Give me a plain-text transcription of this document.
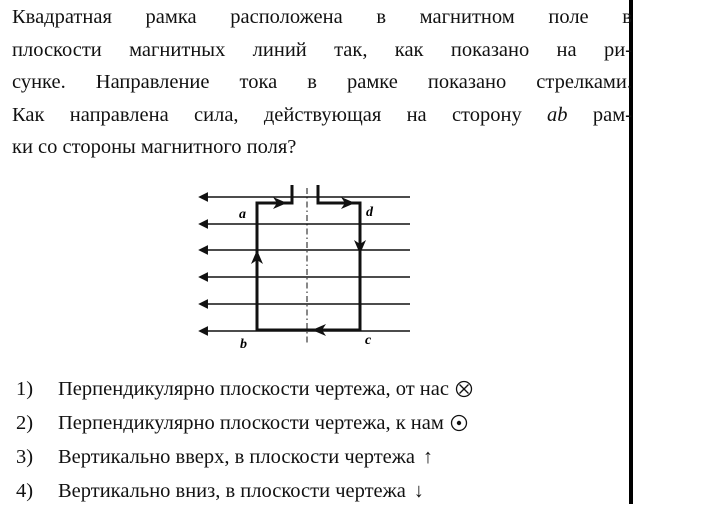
Квадратная рамка расположена в магнитном поле в
плоскости магнитных линий так, как показано на ри-
сунке. Направление тока в рамке показано стрелками.
Как направлена сила, действующая на сторону ab рам-
ки со стороны магнитного поля?
a	d
b	c
1)	Перпендикулярно плоскости чертежа, от нас
2)	Перпендикулярно плоскости чертежа, к нам
3)	Вертикально вверх, в плоскости чертежа ↑
4)	Вертикально вниз, в плоскости чертежа ↓
